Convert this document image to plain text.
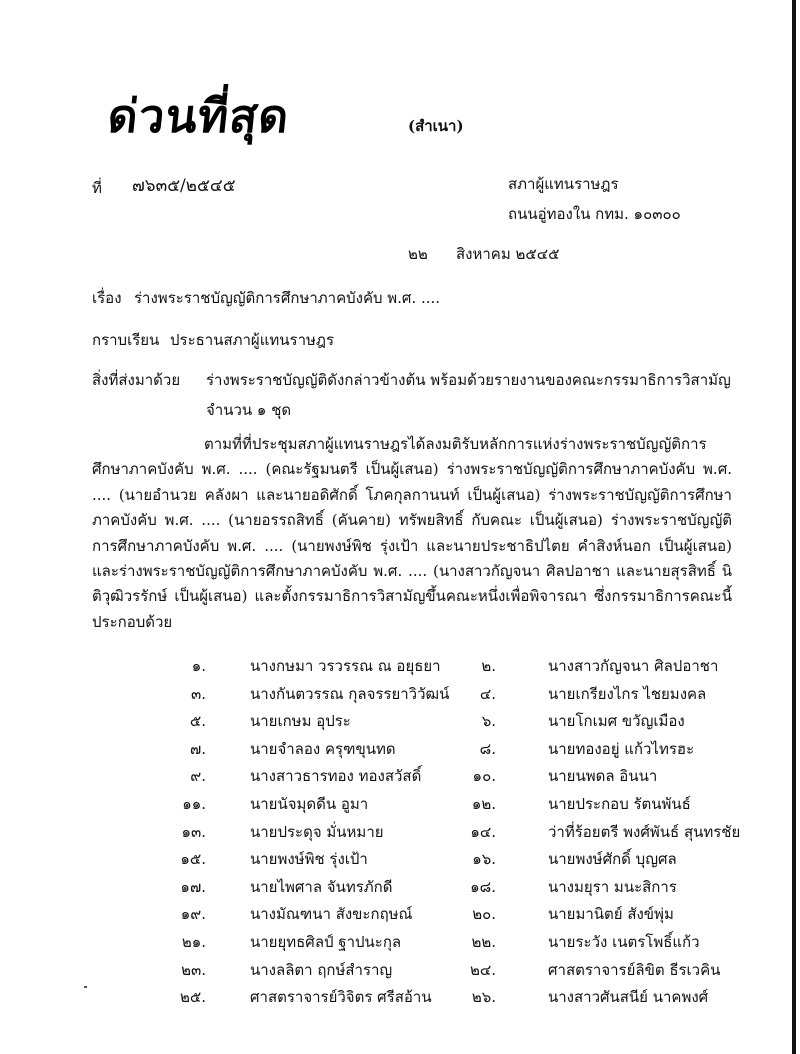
ด่วนที่สุด	(สำเนา)
ที่ ๗๖๓๕/๒๕๔๕	สภาผู้แทนราษฎร
ถนนอู่ทองใน กทม. ๑๐๓๐๐
๒๒ สิงหาคม ๒๕๔๕
เรื่อง ร่างพระราชบัญญัติการศึกษาภาคบังคับ พ.ศ. ....
กราบเรียน ประธานสภาผู้แทนราษฎร
สิ่งที่ส่งมาด้วย ร่างพระราชบัญญัติดังกล่าวข้างต้น พร้อมด้วยรายงานของคณะกรรมาธิการวิสามัญ
จำนวน ๑ ชุด
ตามที่ที่ประชุมสภาผู้แทนราษฎรได้ลงมติรับหลักการแห่งร่างพระราชบัญญัติการศึกษาภาคบังคับ พ.ศ. .... (คณะรัฐมนตรี เป็นผู้เสนอ) ร่างพระราชบัญญัติการศึกษาภาคบังคับ พ.ศ. .... (นายอำนวย คลังผา และนายอดิศักดิ์ โภคกุลกานนท์ เป็นผู้เสนอ) ร่างพระราชบัญญัติการศึกษาภาคบังคับ พ.ศ. .... (นายอรรถสิทธิ์ (คันคาย) ทรัพยสิทธิ์ กับคณะ เป็นผู้เสนอ) ร่างพระราชบัญญัติการศึกษาภาคบังคับ พ.ศ. .... (นายพงษ์พิช รุ่งเป้า และนายประชาธิปไตย คำสิงห์นอก เป็นผู้เสนอ) และร่างพระราชบัญญัติการศึกษาภาคบังคับ พ.ศ. .... (นางสาวกัญจนา ศิลปอาชา และนายสุรสิทธิ์ นิติวุฒิวรรักษ์ เป็นผู้เสนอ) และตั้งกรรมาธิการวิสามัญขึ้นคณะหนึ่งเพื่อพิจารณา ซึ่งกรรมาธิการคณะนี้ประกอบด้วย
๑.	นางกษมา วรวรรณ ณ อยุธยา	๒.	นางสาวกัญจนา ศิลปอาชา
๓.	นางกันตวรรณ กุลจรรยาวิวัฒน์	๔.	นายเกรียงไกร ไชยมงคล
๕.	นายเกษม อุประ	๖.	นายโกเมศ ขวัญเมือง
๗.	นายจำลอง ครุฑขุนทด	๘.	นายทองอยู่ แก้วไทรฮะ
๙.	นางสาวธารทอง ทองสวัสดิ์	๑๐.	นายนพดล อินนา
๑๑.	นายนัจมุดดีน อูมา	๑๒.	นายประกอบ รัตนพันธ์
๑๓.	นายประดุจ มั่นหมาย	๑๔.	ว่าที่ร้อยตรี พงศ์พันธ์ สุนทรชัย
๑๕.	นายพงษ์พิช รุ่งเป้า	๑๖.	นายพงษ์ศักดิ์ บุญศล
๑๗.	นายไพศาล จันทรภักดี	๑๘.	นางมยุรา มนะสิการ
๑๙.	นางมัณฑนา สังขะกฤษณ์	๒๐.	นายมานิตย์ สังข์พุ่ม
๒๑.	นายยุทธศิลป์ ฐาปนะกุล	๒๒.	นายระวัง เนตรโพธิ์แก้ว
๒๓.	นางลลิตา ฤกษ์สำราญ	๒๔.	ศาสตราจารย์ลิขิต ธีรเวคิน
๒๕.	ศาสตราจารย์วิจิตร ศรีสอ้าน	๒๖.	นางสาวศันสนีย์ นาคพงศ์
